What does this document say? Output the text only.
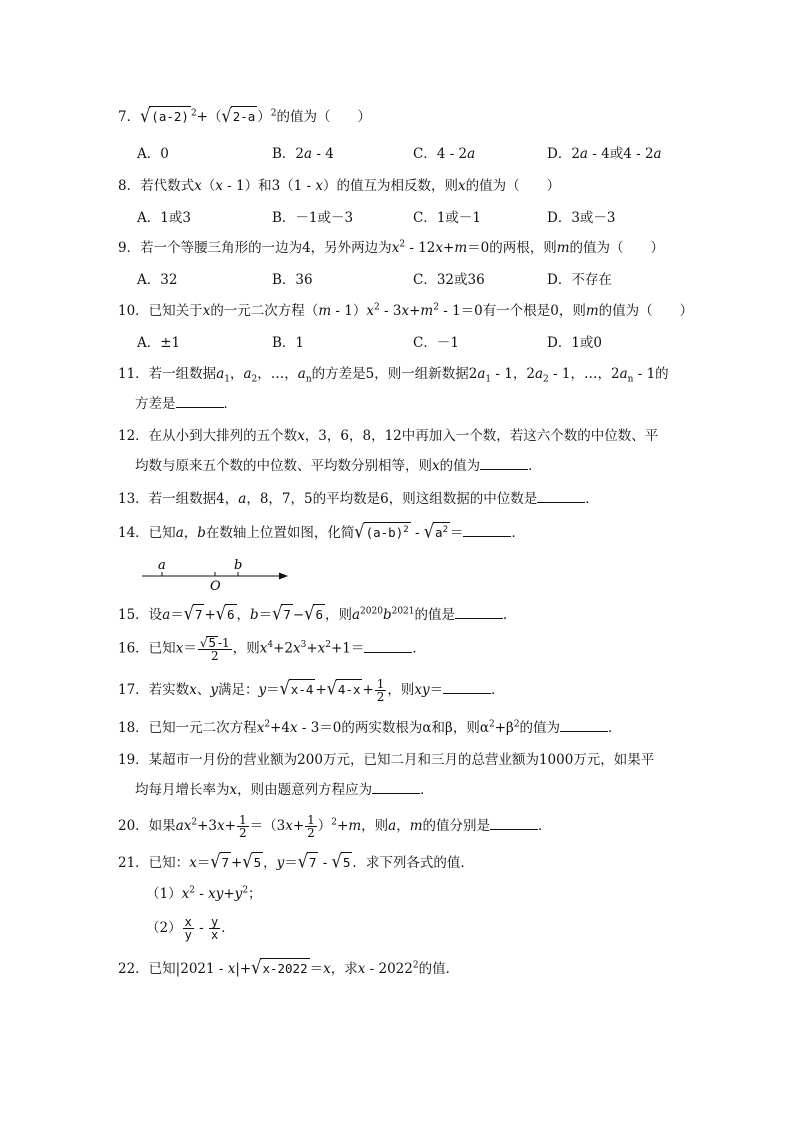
7．√(a-2) $^2$+（√2-a ）$^2$的值为（　　）
A．0	B．2a - 4	C．4 - 2a	D．2a - 4或4 - 2a
8．若代数式x（x - 1）和3（1 - x）的值互为相反数，则x的值为（　　）
A．1或3	B．－1或－3	C．1或－1	D．3或－3
9．若一个等腰三角形的一边为4，另外两边为$x^2 - 12x+m=0$的两根，则m的值为（　　）
A．32	B．36	C．32或36	D．不存在
10．已知关于x的一元二次方程$(m - 1)x^2 - 3x+m^2 - 1=0$有一个根是0，则m的值为（　　）
A．±1	B．1	C．－1	D．1或0
11．若一组数据$a_1$，$a_2$，…，$a_n$的方差是5，则一组新数据$2a_1 - 1$，$2a_2 - 1$，…，$2a_n - 1$的
方差是	．
12．在从小到大排列的五个数x，3，6，8，12中再加入一个数，若这六个数的中位数、平
均数与原来五个数的中位数、平均数分别相等，则x的值为	．
13．若一组数据4，a，8，7，5的平均数是6，则这组数据的中位数是	．
14．已知a，b在数轴上位置如图，化简$√(a-b)^2 - √a^2$ ＝	．
a	b
O
15．设a＝√7 +√6 ，b＝√7 −√6 ，则$a^{2020}b^{2021}$的值是	．
16．已知$x= \frac{√5 -1}{2}$ ，则$x^4+2x^3+x^2+1=$	．
17．若实数x、y满足：$y=√x-4 +√4-x + \frac{1}{2}$ ，则xy＝	．
18．已知一元二次方程$x^2+4x - 3=0$的两实数根为α和β，则$\alpha^2+\beta^2$的值为	．
19．某超市一月份的营业额为200万元，已知二月和三月的总营业额为1000万元，如果平
均每月增长率为x，则由题意列方程应为	．
20．如果$ax^2+3x+ \frac{1}{2} =(3x+ \frac{1}{2} )^2+m$，则a，m的值分别是	．
21．已知：x＝√7 +√5 ，y＝√7 - √5 ．求下列各式的值．
$(1)x^2 - xy+y^2$；
$(2) \frac{x}{y} - \frac{y}{x}$ ．
22．已知|2021 - x|+√x-2022 ＝x，求x - 2022$^2$的值．
